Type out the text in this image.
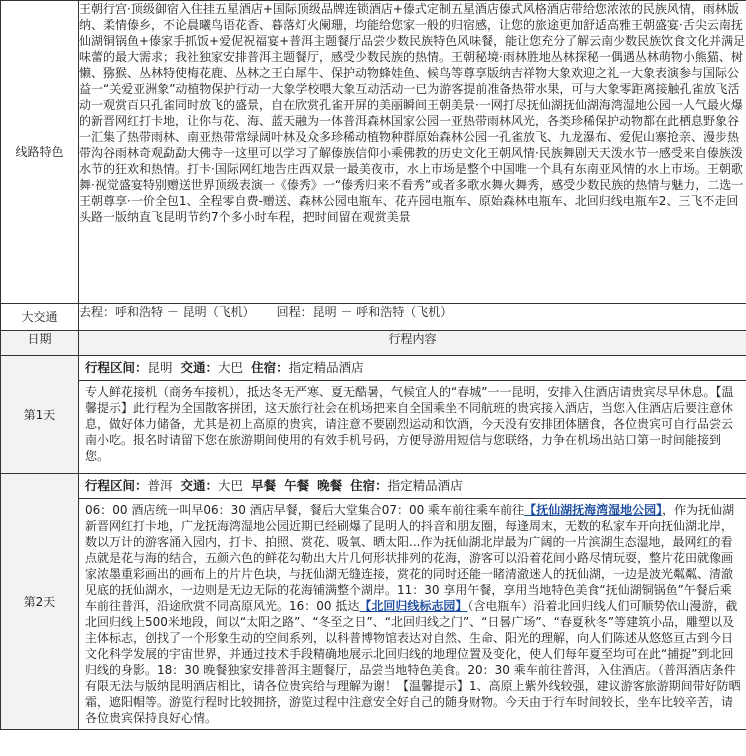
线路特色	王朝行宫·顶级御宿入住挂五星酒店+国际顶级品牌连锁酒店+傣式定制五星酒店傣式风格酒店带给您浓浓的民族风情，雨林版纳、柔情傣乡，不论晨曦鸟语花香、暮落灯火阑珊，均能给您家一般的归宿感，让您的旅途更加舒适高雅王朝盛宴·舌尖云南抚仙湖铜锅鱼+傣家手抓饭+爱伲祝福宴+普洱主题餐厅品尝少数民族特色风味餐，能让您充分了解云南少数民族饮食文化并满足味蕾的最大需求；我社独家安排普洱主题餐厅，感受少数民族的热情。王朝秘境·雨林胜地丛林探秘一偶遇丛林萌物小熊猫、树懒、猕猴、丛林特使梅花鹿、丛林之王白犀牛、保护动物蜂娃鱼、候鸟等尊享版纳吉祥物大象欢迎之礼一大象表演参与国际公益一“关爱亚洲象”动植物保护行动一大象学校喂大象互动活动一已为游客提前准备热带水果，可与大象零距离接触孔雀放飞活动一观赏百只孔雀同时放飞的盛景，自在欣赏孔雀开屏的美丽瞬间王朝美景·一网打尽抚仙湖抚仙湖海湾湿地公园一人气最火爆的新晋网红打卡地，让你与花、海、蓝天融为一体普洱森林国家公园一亚热带雨林风光，各类珍稀保护动物都在此栖息野象谷一汇集了热带雨林、南亚热带常绿阔叶林及众多珍稀动植物种群原始森林公园一孔雀放飞、九龙瀑布、爱伲山寨抢亲、漫步热带沟谷雨林奇观勐勐大佛寺一这里可以学习了解傣族信仰小乘佛教的历史文化王朝风情·民族舞剧天天泼水节一感受来自傣族泼水节的狂欢和热情。打卡·国际网红地告庄西双景一最美夜市，水上市场是整个中国唯一个具有东南亚风情的水上市场。王朝歌舞·视觉盛宴特别赠送世界顶级表演一《傣秀》一“傣秀归来不看秀”或者多歌水舞火舞秀，感受少数民族的热情与魅力，二选一王朝尊享·一价全包1、全程零自费-赠送、森林公园电瓶车、花卉园电瓶车、原始森林电瓶车、北回归线电瓶车2、三飞不走回头路一版纳直飞昆明节约7个多小时车程，把时间留在观赏美景
大交通	去程：呼和浩特 － 昆明（飞机） 回程：昆明 － 呼和浩特（飞机）
日期	行程内容
第1天	行程区间：昆明 交通：大巴 住宿：指定精品酒店
专人鲜花接机（商务车接机），抵达冬无严寒、夏无酷暑，气候宜人的“春城”一一昆明，安排入住酒店请贵宾尽早休息。【温馨提示】此行程为全国散客拼团，这天旅行社会在机场把来自全国乘坐不同航班的贵宾接入酒店，当您入住酒店后要注意休息，做好体力储备，尤其是初上高原的贵宾，请注意不要剧烈运动和饮酒，今天没有安排团体膳食，各位贵宾可自行品尝云南小吃。报名时请留下您在旅游期间使用的有效手机号码，方便导游用短信与您联络，力争在机场出站口第一时间能接到您。

第2天	行程区间：普洱 交通：大巴 早餐 午餐 晚餐 住宿：指定精品酒店
06：00 酒店统一叫早06：30 酒店早餐，餐后大堂集合07：00 乘车前往乘车前往【抚仙湖抚海湾湿地公园】，作为抚仙湖新晋网红打卡地，广龙抚海湾湿地公园近期已经刷爆了昆明人的抖音和朋友圈，每逢周末，无数的私家车开向抚仙湖北岸，数以万计的游客涌入园内，打卡、拍照、赏花、吸氧、晒太阳...作为抚仙湖北岸最为广阔的一片滨湖生态湿地，最网红的看点就是花与海的结合，五颜六色的鲜花勾勒出大片几何形状排列的花海，游客可以沿着花间小路尽情玩耍，整片花田就像画家浓墨重彩画出的画布上的片片色块，与抚仙湖无缝连接，赏花的同时还能一睹清澈迷人的抚仙湖，一边是波光粼粼、清澈见底的抚仙湖水，一边则是无边无际的花海铺满整个湖岸。11：30 享用午餐，享用当地特色美食“抚仙湖铜锅鱼”午餐后乘车前往普洱，沿途欣赏不同高原风光。16：00 抵达【北回归线标志园】（含电瓶车）沿着北回归线人们可顺势依山漫游，截北回归线上500米地段，间以“太阳之路”、“冬至之日”、“北回归线之门”、“日晷广场”、“春夏秋冬”等建筑小品，雕塑以及主体标志，创找了一个形象生动的空间系列，以科普博物馆表达对自然、生命、阳光的理解，向人们陈述从悠悠亘古到今日文化科学发展的宇宙世界，并通过技术手段精确地展示北回归线的地理位置及变化，使人们每年夏至均可在此“捕捉”到北回归线的身影。18：30 晚餐独家安排普洱主题餐厅，品尝当地特色美食。20：30 乘车前往普洱，入住酒店。（普洱酒店条件有限无法与版纳昆明酒店相比，请各位贵宾给与理解为谢！【温馨提示】1、高原上紫外线较强，建议游客旅游期间带好防晒霜，遮阳帽等。游览行程时比较拥挤，游览过程中注意安全好自己的随身财物。今天由于行车时间较长，坐车比较辛苦，请各位贵宾保持良好心情。
